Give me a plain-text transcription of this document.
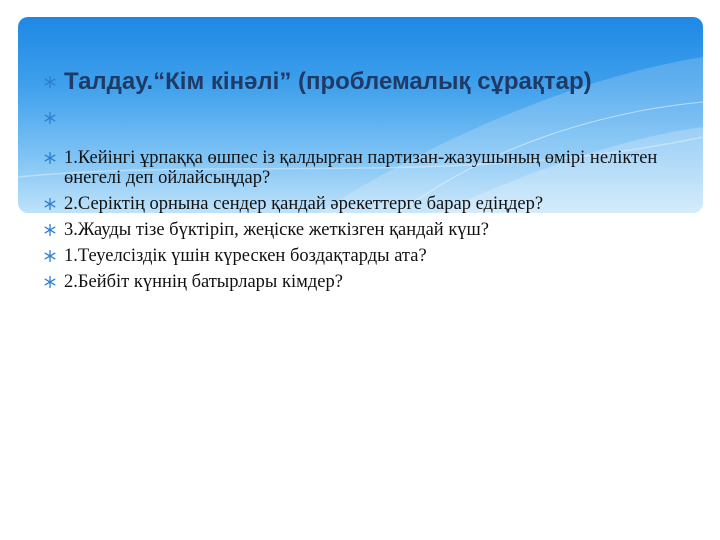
Талдау.“Кім кінәлі” (проблемалық сұрақтар)
1.Кейінгі ұрпаққа өшпес із қалдырған партизан-жазушының өмірі неліктен өнегелі деп ойлайсыңдар?
2.Серіктің орнына сендер қандай әрекеттерге барар едіңдер?
3.Жауды тізе бүктіріп, жеңіске жеткізген қандай күш?
1.Теуелсіздік үшін күрескен боздақтарды ата?
2.Бейбіт күннің батырлары кімдер?
